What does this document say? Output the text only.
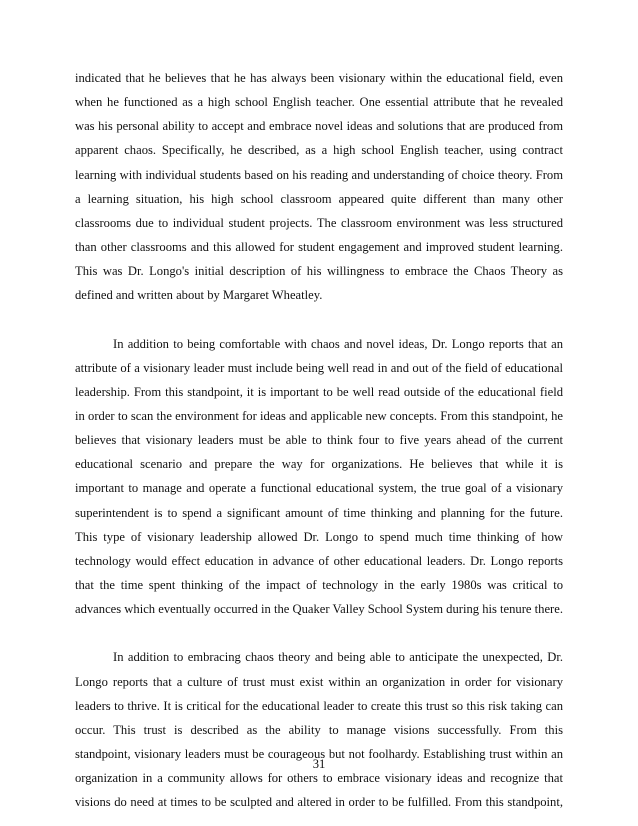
indicated that he believes that he has always been visionary within the educational field, even
when he functioned as a high school English teacher. One essential attribute that he revealed
was his personal ability to accept and embrace novel ideas and solutions that are produced from
apparent chaos. Specifically, he described, as a high school English teacher, using contract
learning with individual students based on his reading and understanding of choice theory. From
a learning situation, his high school classroom appeared quite different than many other
classrooms due to individual student projects. The classroom environment was less structured
than other classrooms and this allowed for student engagement and improved student learning.
This was Dr. Longo's initial description of his willingness to embrace the Chaos Theory as
defined and written about by Margaret Wheatley.
In addition to being comfortable with chaos and novel ideas, Dr. Longo reports that an
attribute of a visionary leader must include being well read in and out of the field of educational
leadership. From this standpoint, it is important to be well read outside of the educational field
in order to scan the environment for ideas and applicable new concepts. From this standpoint, he
believes that visionary leaders must be able to think four to five years ahead of the current
educational scenario and prepare the way for organizations. He believes that while it is
important to manage and operate a functional educational system, the true goal of a visionary
superintendent is to spend a significant amount of time thinking and planning for the future.
This type of visionary leadership allowed Dr. Longo to spend much time thinking of how
technology would effect education in advance of other educational leaders. Dr. Longo reports
that the time spent thinking of the impact of technology in the early 1980s was critical to
advances which eventually occurred in the Quaker Valley School System during his tenure there.
In addition to embracing chaos theory and being able to anticipate the unexpected, Dr.
Longo reports that a culture of trust must exist within an organization in order for visionary
leaders to thrive. It is critical for the educational leader to create this trust so this risk taking can
occur. This trust is described as the ability to manage visions successfully. From this
standpoint, visionary leaders must be courageous but not foolhardy. Establishing trust within an
organization in a community allows for others to embrace visionary ideas and recognize that
visions do need at times to be sculpted and altered in order to be fulfilled. From this standpoint,
31
